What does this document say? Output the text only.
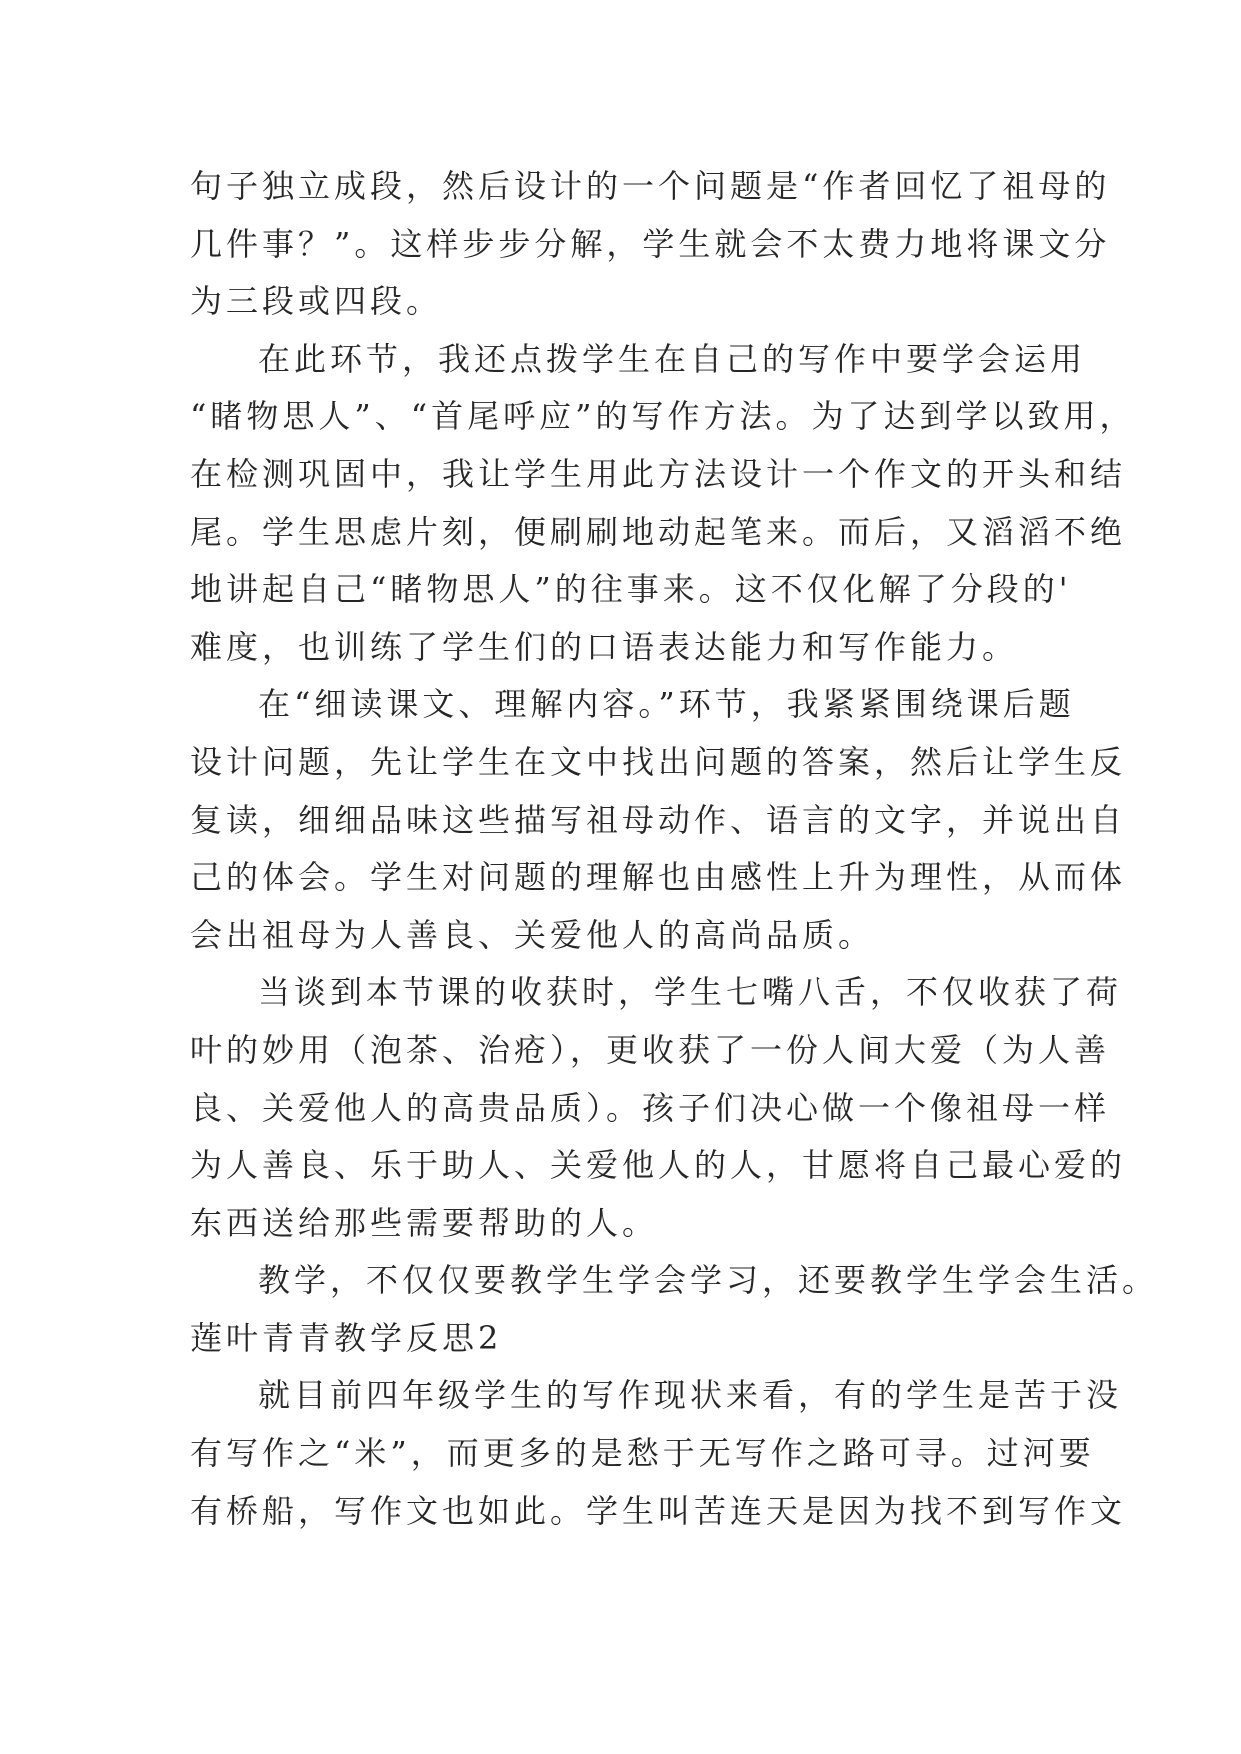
句子独立成段，然后设计的一个问题是“作者回忆了祖母的
几件事？”。这样步步分解，学生就会不太费力地将课文分
为三段或四段。
在此环节，我还点拨学生在自己的写作中要学会运用
“睹物思人”、“首尾呼应”的写作方法。为了达到学以致用，
在检测巩固中，我让学生用此方法设计一个作文的开头和结
尾。学生思虑片刻，便刷刷地动起笔来。而后，又滔滔不绝
地讲起自己“睹物思人”的往事来。这不仅化解了分段的'
难度，也训练了学生们的口语表达能力和写作能力。
在“细读课文、理解内容。”环节，我紧紧围绕课后题
设计问题，先让学生在文中找出问题的答案，然后让学生反
复读，细细品味这些描写祖母动作、语言的文字，并说出自
己的体会。学生对问题的理解也由感性上升为理性，从而体
会出祖母为人善良、关爱他人的高尚品质。
当谈到本节课的收获时，学生七嘴八舌，不仅收获了荷
叶的妙用（泡茶、治疮），更收获了一份人间大爱（为人善
良、关爱他人的高贵品质）。孩子们决心做一个像祖母一样
为人善良、乐于助人、关爱他人的人，甘愿将自己最心爱的
东西送给那些需要帮助的人。
教学，不仅仅要教学生学会学习，还要教学生学会生活。
莲叶青青教学反思2
就目前四年级学生的写作现状来看，有的学生是苦于没
有写作之“米”，而更多的是愁于无写作之路可寻。过河要
有桥船，写作文也如此。学生叫苦连天是因为找不到写作文
